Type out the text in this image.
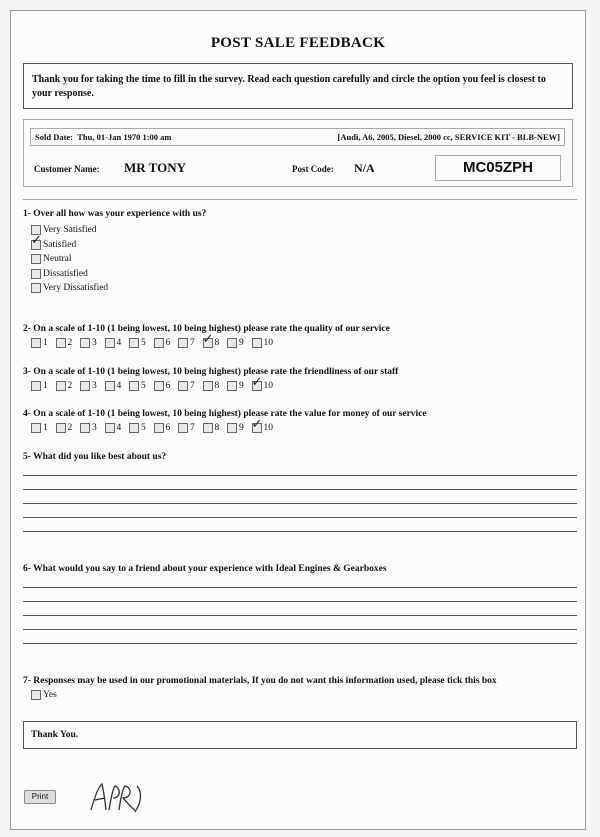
POST SALE FEEDBACK
Thank you for taking the time to fill in the survey. Read each question carefully and circle the option you feel is closest to your response.
Sold Date: Thu, 01-Jan 1970 1:00 am	[Audi, A6, 2005, Diesel, 2000 cc, SERVICE KIT - BLB-NEW]
Customer Name: MR TONY	Post Code: N/A	MC05ZPH
1- Over all how was your experience with us?
Very Satisfied
✓
Satisfied
Neutral
Dissatisfied
Very Dissatisfied
2- On a scale of 1-10 (1 being lowest, 10 being highest) please rate the quality of our service
1 2 3 4 5 6 7 ✓ 8 9 10
3- On a scale of 1-10 (1 being lowest, 10 being highest) please rate the friendliness of our staff
1 2 3 4 5 6 7 8 9 ✓ 10
4- On a scale of 1-10 (1 being lowest, 10 being highest) please rate the value for money of our service
1 2 3 4 5 6 7 8 9 ✓ 10
5- What did you like best about us?
6- What would you say to a friend about your experience with Ideal Engines & Gearboxes
7- Responses may be used in our promotional materials, If you do not want this information used, please tick this box
Yes
Thank You.
Print
